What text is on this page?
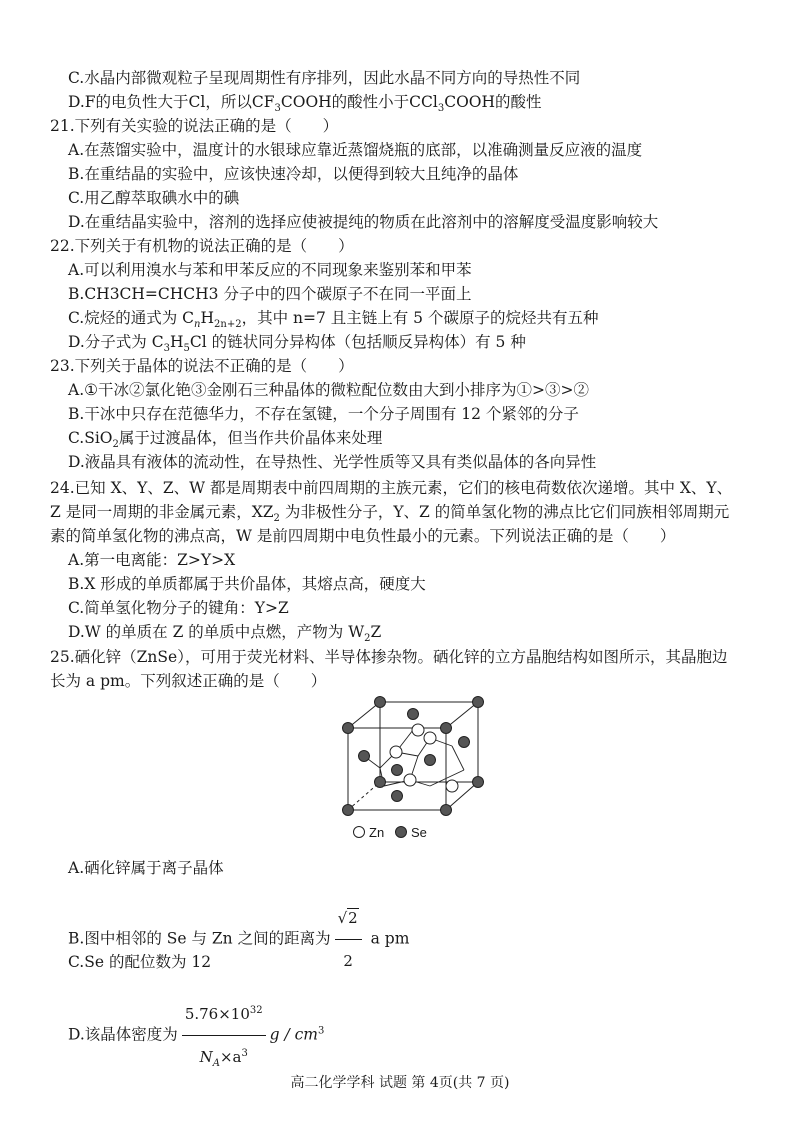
C.水晶内部微观粒子呈现周期性有序排列，因此水晶不同方向的导热性不同
D.F的电负性大于Cl，所以$CF_3COOH$的酸性小于CCl$_3$COOH的酸性
21.下列有关实验的说法正确的是（　　）
A.在蒸馏实验中，温度计的水银球应靠近蒸馏烧瓶的底部，以准确测量反应液的温度
B.在重结晶的实验中，应该快速冷却，以便得到较大且纯净的晶体
C.用乙醇萃取碘水中的碘
D.在重结晶实验中，溶剂的选择应使被提纯的物质在此溶剂中的溶解度受温度影响较大
22.下列关于有机物的说法正确的是（　　）
A.可以利用溴水与苯和甲苯反应的不同现象来鉴别苯和甲苯
B.CH3CH=CHCH3 分子中的四个碳原子不在同一平面上
C.烷烃的通式为 $C_nH_{2n+2}$，其中 n=7 且主链上有 5 个碳原子的烷烃共有五种
D.分子式为 $C_3H_5Cl$ 的链状同分异构体（包括顺反异构体）有 5 种
23.下列关于晶体的说法不正确的是（　　）
A.①干冰②氯化铯③金刚石三种晶体的微粒配位数由大到小排序为①>③>②
B.干冰中只存在范德华力，不存在氢键，一个分子周围有 12 个紧邻的分子
C.SiO$_2$属于过渡晶体，但当作共价晶体来处理
D.液晶具有液体的流动性，在导热性、光学性质等又具有类似晶体的各向异性
24.已知 X、Y、Z、W 都是周期表中前四周期的主族元素，它们的核电荷数依次递增。其中 X、Y、
Z 是同一周期的非金属元素，$XZ_2$ 为非极性分子，Y、Z 的简单氢化物的沸点比它们同族相邻周期元
素的简单氢化物的沸点高，W 是前四周期中电负性最小的元素。下列说法正确的是（　　）
A.第一电离能：Z>Y>X
B.X 形成的单质都属于共价晶体，其熔点高，硬度大
C.简单氢化物分子的键角：Y>Z
D.W 的单质在 Z 的单质中点燃，产物为 $W_2Z$
25.硒化锌（ZnSe），可用于荧光材料、半导体掺杂物。硒化锌的立方晶胞结构如图所示，其晶胞边
长为 a pm。下列叙述正确的是（　　）
Zn Se
A.硒化锌属于离子晶体
B.图中相邻的 Se 与 Zn 之间的距离为 $\frac{√2}{2}$ a pm
C.Se 的配位数为 12
D.该晶体密度为 $\frac{5.76\times 10^{32}}{N_A\times a^3}$ g / $cm^3$
高二化学学科 试题 第 4页(共 7 页)
